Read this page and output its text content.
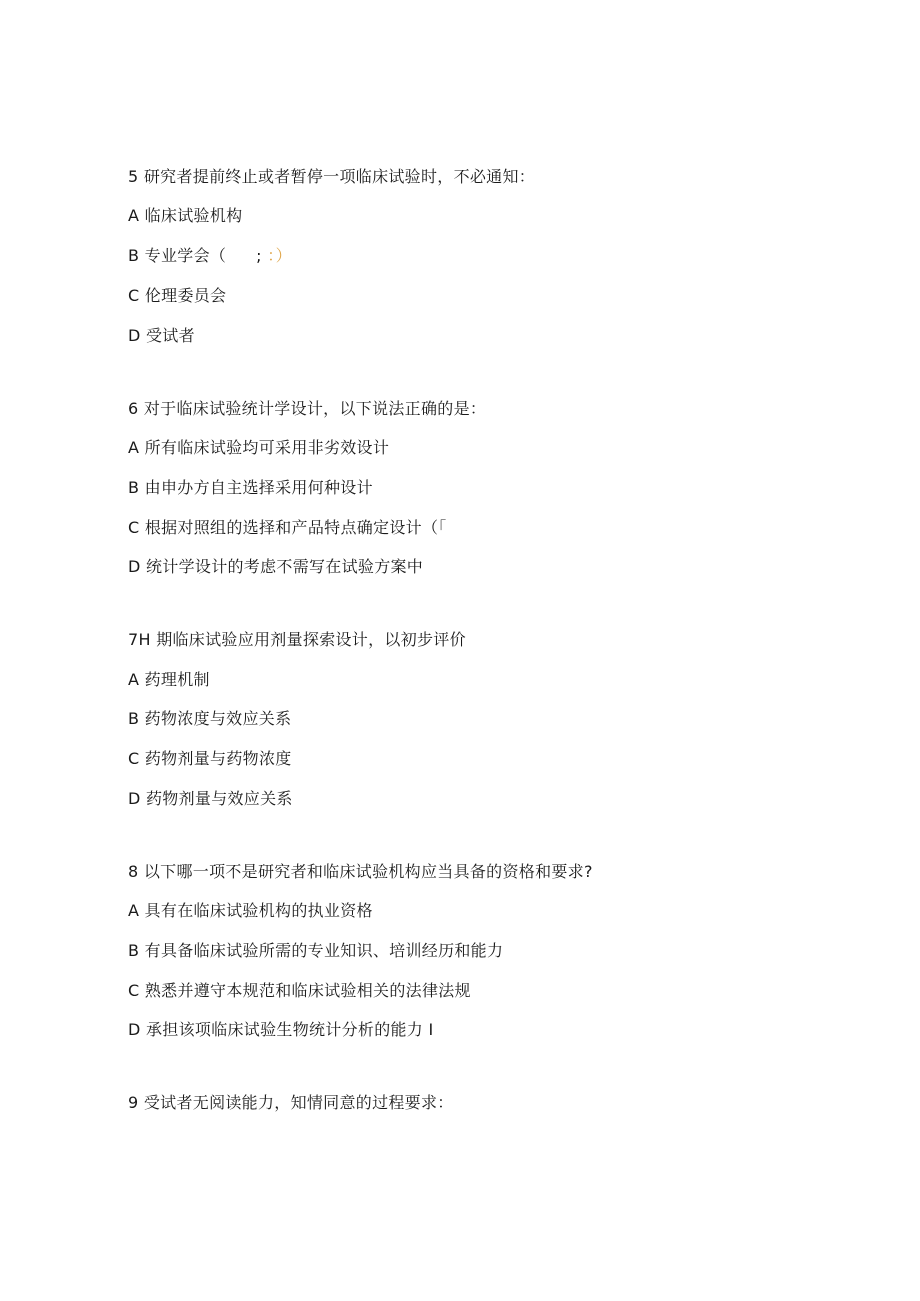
5 研究者提前终止或者暂停一项临床试验时，不必通知：
A 临床试验机构
B 专业学会（ ; ：）
C 伦理委员会
D 受试者
6 对于临床试验统计学设计，以下说法正确的是：
A 所有临床试验均可采用非劣效设计
B 由申办方自主选择采用何种设计
C 根据对照组的选择和产品特点确定设计（「
D 统计学设计的考虑不需写在试验方案中
7H 期临床试验应用剂量探索设计，以初步评价
A 药理机制
B 药物浓度与效应关系
C 药物剂量与药物浓度
D 药物剂量与效应关系
8 以下哪一项不是研究者和临床试验机构应当具备的资格和要求?
A 具有在临床试验机构的执业资格
B 有具备临床试验所需的专业知识、培训经历和能力
C 熟悉并遵守本规范和临床试验相关的法律法规
D 承担该项临床试验生物统计分析的能力 I
9 受试者无阅读能力，知情同意的过程要求：
